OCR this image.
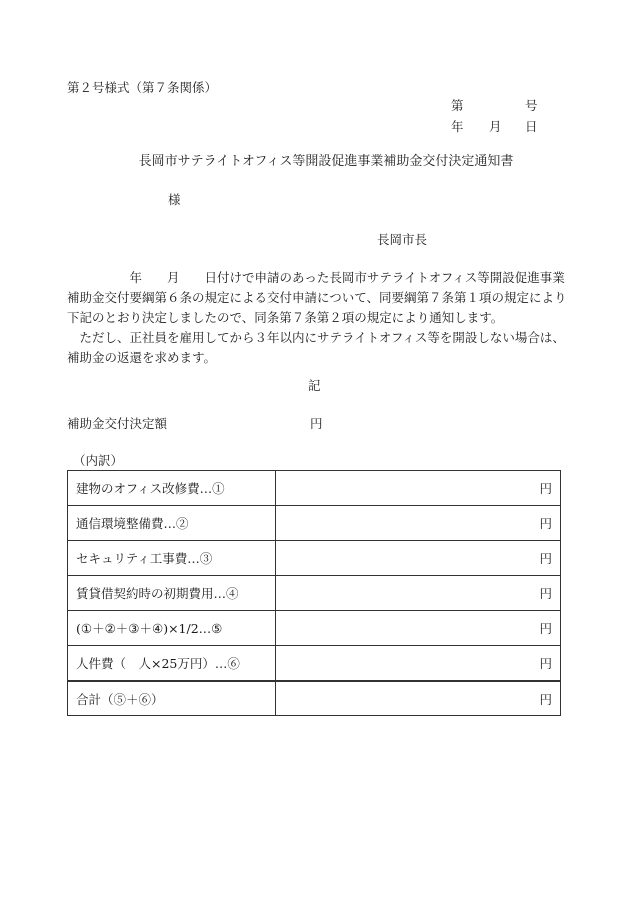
第２号様式（第７条関係）
第	号
年 月 日
長岡市サテライトオフィス等開設促進事業補助金交付決定通知書
様
長岡市長

　　　　　年　　月　　日付けで申請のあった長岡市サテライトオフィス等開設促進事業補助金交付要綱第６条の規定による交付申請について、同要綱第７条第１項の規定により下記のとおり決定しましたので、同条第７条第２項の規定により通知します。

　ただし、正社員を雇用してから３年以内にサテライトオフィス等を開設しない場合は、補助金の返還を求めます。

記
補助金交付決定額	円
（内訳）
建物のオフィス改修費…①	円
通信環境整備費…②	円
セキュリティ工事費…③	円
賃貸借契約時の初期費用…④	円
(①＋②＋③＋④)×1/2…⑤	円
人件費（　人×25万円）…⑥	円
合計（⑤＋⑥）	円
